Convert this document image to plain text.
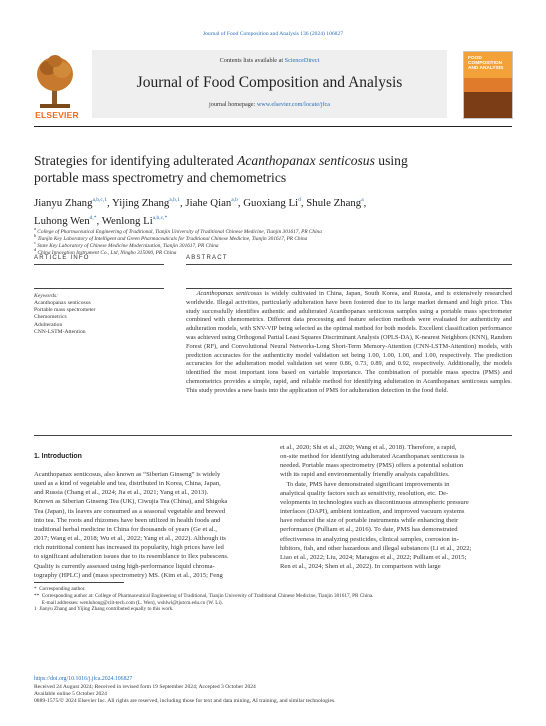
Journal of Food Composition and Analysis 136 (2024) 106827
ELSEVIER
Contents lists available at ScienceDirect
Journal of Food Composition and Analysis
journal homepage: www.elsevier.com/locate/jfca
FOOD COMPOSITION AND ANALYSIS
Strategies for identifying adulterated Acanthopanax senticosus using
portable mass spectrometry and chemometrics
Jianyu Zhang$^{a,b,c,1}$, Yijing Zhang$^{a,b,1}$, Jiahe Qian$^{a,b}$, Guoxiang Li$^d$, Shule Zhang$^a$,
Luhong Wen$^{d,*}$, Wenlong $Li^{a,b,c,*}$
$^a$ College of Pharmaceutical Engineering of Traditional, Tianjin University of Traditional Chinese Medicine, Tianjin 301617, PR China
$^b$ Tianjin Key Laboratory of Intelligent and Green Pharmaceuticals for Traditional Chinese Medicine, Tianjin 301617, PR China
$^c$ State Key Laboratory of Chinese Medicine Modernization, Tianjin 301617, PR China
$^d$ China Innovation Instrument Co., Ltd, Ningbo 315000, PR China
ARTICLE INFO
Keywords:
Acanthopanax senticosus
Portable mass spectrometer
Chemometrics
Adulteration
CNN-LSTM-Attention
ABSTRACT
Acanthopanax senticosus is widely cultivated in China, Japan, South Korea, and Russia, and is extensively researched worldwide. Illegal activities, particularly adulteration have been fostered due to its large market demand and high price. This study successfully identifies authentic and adulterated Acanthopanax senticosus samples using a portable mass spectrometer combined with chemometrics. Different data processing and feature selection methods were evaluated for authenticity and adulteration models, with SNV-VIP being selected as the optimal method for both models. Excellent classification performance was achieved using Orthogonal Partial Least Squares Discriminant Analysis (OPLS-DA), K-nearest Neighbors (KNN), Random Forest (RF), and Convolutional Neural Networks-Long Short-Term Memory-Attention (CNN-LSTM-Attention) models, with prediction accuracies for the authenticity model validation set being 1.00, 1.00, 1.00, and 1.00, respectively. The prediction accuracies for the adulteration model validation set were 0.86, 0.73, 0.89, and 0.92, respectively. Additionally, the models identified the most important ions based on variable importance. The combination of portable mass spectra (PMS) and chemometrics provides a simple, rapid, and reliable method for identifying adulteration in Acanthopanax senticosus samples. This study provides a new basis into the application of PMS for adulteration detection in the food field.
1. Introduction
Acanthopanax senticosus, also known as “Siberian Ginseng” is widely
used as a kind of vegetable and tea, distributed in Korea, China, Japan,
and Russia (Chang et al., 2024; Jia et al., 2021; Yang et al., 2013).
Known as Siberian Ginseng Tea (UK), Ciwujia Tea (China), and Shigoka
Tea (Japan), its leaves are consumed as a seasonal vegetable and brewed
into tea. The roots and rhizomes have been utilized in health foods and
traditional herbal medicine in China for thousands of years (Ge et al.,
2017; Wang et al., 2018; Wu et al., 2022; Yang et al., 2022). Although its
rich nutritional content has increased its popularity, high prices have led
to significant adulteration issues due to its resemblance to Ilex pubescens.
Quality is currently assessed using high-performance liquid chroma-
tography (HPLC) and (mass spectrometry) MS. (Kim et al., 2015; Feng
et al., 2020; Shi et al., 2020; Wang et al., 2018). Therefore, a rapid,
on-site method for identifying adulterated Acanthopanax senticosus is
needed. Portable mass spectrometry (PMS) offers a potential solution
with its rapid and environmentally friendly analysis capabilities.
To date, PMS have demonstrated significant improvements in
analytical quality factors such as sensitivity, resolution, etc. De-
velopments in technologies such as discontinuous atmospheric pressure
interfaces (DAPI), ambient ionization, and improved vacuum systems
have reduced the size of portable instruments while enhancing their
performance (Pulliam et al., 2016). To date, PMS has demonstrated
effectiveness in analyzing pesticides, clinical samples, corrosion in-
hibitors, fish, and other hazardous and illegal substances (Li et al., 2022;
Liao et al., 2022; Liu, 2024; Maragos et al., 2022; Pulliam et al., 2015;
Ren et al., 2024; Shen et al., 2022). In comparison with large
*  Corresponding author.
**  Corresponding author at: College of Pharmaceutical Engineering of Traditional, Tianjin University of Traditional Chinese Medicine, Tianjin 301617, PR China.
E-mail addresses: wenluhong@ciit-tech.com (L. Wen), wshlwl@tjutcm.edu.cn (W. Li).
1  Jianyu Zhang and Yijing Zhang contributed equally to this work.
https://doi.org/10.1016/j.jfca.2024.106827
Received 24 August 2024; Received in revised form 19 September 2024; Accepted 3 October 2024
Available online 5 October 2024
0889-1575/© 2024 Elsevier Inc. All rights are reserved, including those for text and data mining, AI training, and similar technologies.
